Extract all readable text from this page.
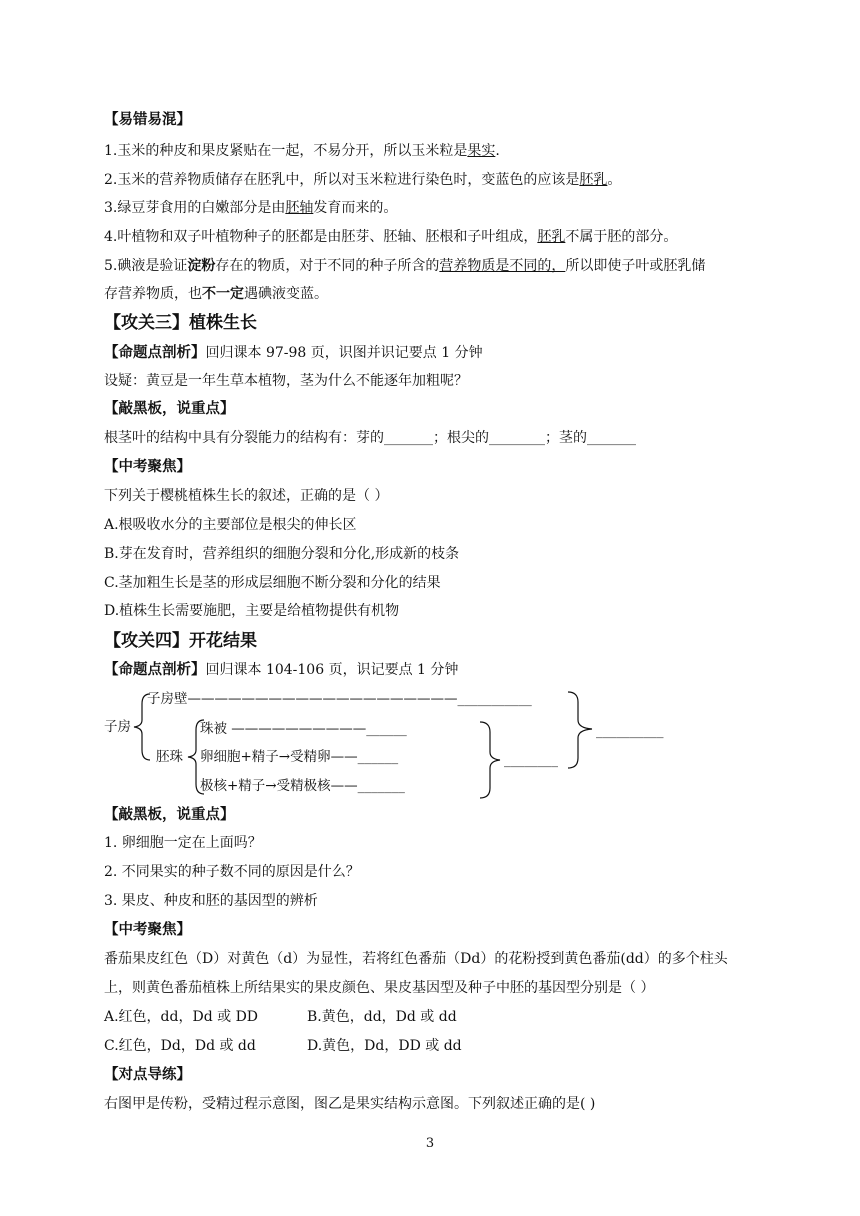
【易错易混】
1.玉米的种皮和果皮紧贴在一起，不易分开，所以玉米粒是果实.
2.玉米的营养物质储存在胚乳中，所以对玉米粒进行染色时，变蓝色的应该是胚乳。
3.绿豆芽食用的白嫩部分是由胚轴发育而来的。
4.叶植物和双子叶植物种子的胚都是由胚芽、胚轴、胚根和子叶组成，胚乳不属于胚的部分。
5.碘液是验证淀粉存在的物质，对于不同的种子所含的营养物质是不同的，所以即使子叶或胚乳储
存营养物质，也不一定遇碘液变蓝。
【攻关三】植株生长
【命题点剖析】回归课本 97-98 页，识图并识记要点 1 分钟
设疑：黄豆是一年生草本植物，茎为什么不能逐年加粗呢？
【敲黑板，说重点】
根茎叶的结构中具有分裂能力的结构有：芽的_______；根尖的________；茎的_______
【中考聚焦】
下列关于樱桃植株生长的叙述，正确的是（ ）
A.根吸收水分的主要部位是根尖的伸长区
B.芽在发育时，营养组织的细胞分裂和分化,形成新的枝条
C.茎加粗生长是茎的形成层细胞不断分裂和分化的结果
D.植株生长需要施肥，主要是给植物提供有机物
【攻关四】开花结果
【命题点剖析】回归课本 104-106 页，识记要点 1 分钟
子房
子房壁————————————————————___________
胚珠
珠被 ——————————______
卵细胞+精子→受精卵——______
极核+精子→受精极核——_______
________
__________
【敲黑板，说重点】
1. 卵细胞一定在上面吗？
2. 不同果实的种子数不同的原因是什么？
3. 果皮、种皮和胚的基因型的辨析
【中考聚焦】
番茄果皮红色（D）对黄色（d）为显性，若将红色番茄（Dd）的花粉授到黄色番茄(dd）的多个柱头
上，则黄色番茄植株上所结果实的果皮颜色、果皮基因型及种子中胚的基因型分别是（ ）
A.红色，dd，Dd 或 DD	B.黄色，dd，Dd 或 dd
C.红色，Dd，Dd 或 dd	D.黄色，Dd，DD 或 dd
【对点导练】
右图甲是传粉，受精过程示意图，图乙是果实结构示意图。下列叙述正确的是( )
3
